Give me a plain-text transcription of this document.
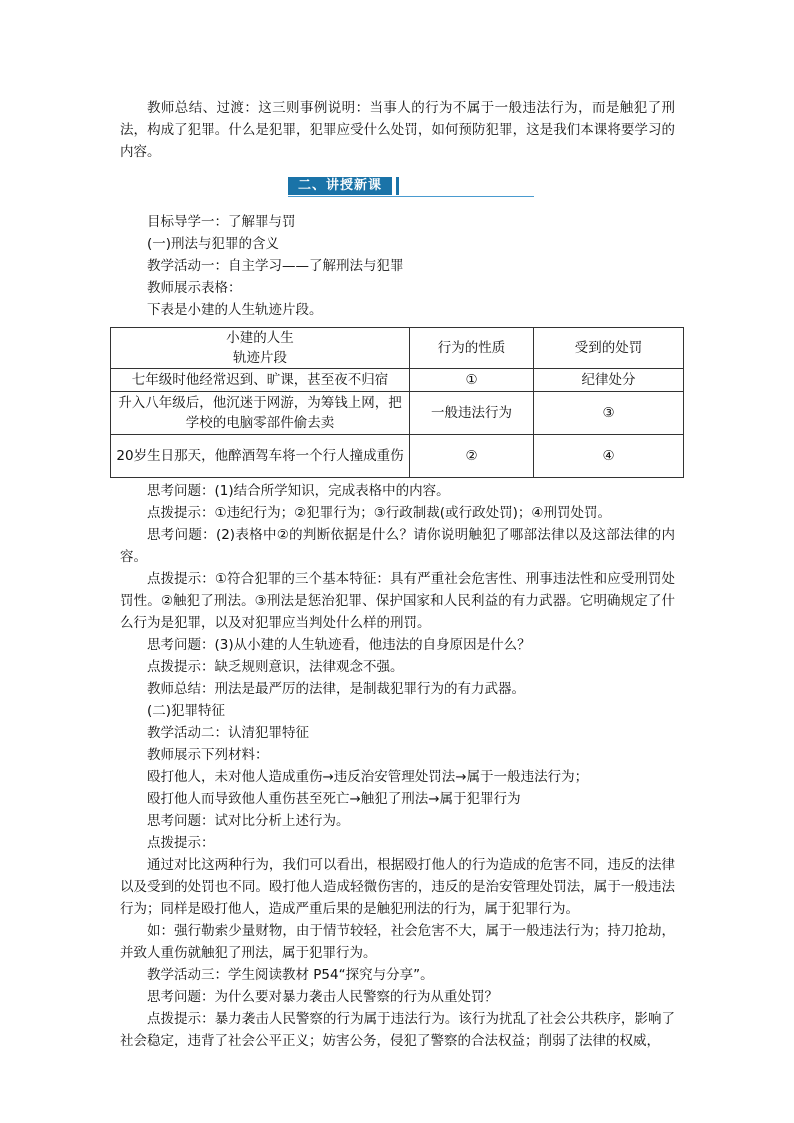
教师总结、过渡：这三则事例说明：当事人的行为不属于一般违法行为，而是触犯了刑法，构成了犯罪。什么是犯罪，犯罪应受什么处罚，如何预防犯罪，这是我们本课将要学习的内容。

二、讲授新课

目标导学一：了解罪与罚

(一)刑法与犯罪的含义

教学活动一：自主学习——了解刑法与犯罪

教师展示表格：

下表是小建的人生轨迹片段。

小建的人生
轨迹片段	行为的性质	受到的处罚
七年级时他经常迟到、旷课，甚至夜不归宿	①	纪律处分
升入八年级后，他沉迷于网游，为筹钱上网，把学校的电脑零部件偷去卖	一般违法行为	③
20岁生日那天，他醉酒驾车将一个行人撞成重伤	②	④

思考问题：(1)结合所学知识，完成表格中的内容。

点拨提示：①违纪行为；②犯罪行为；③行政制裁(或行政处罚)；④刑罚处罚。

思考问题：(2)表格中②的判断依据是什么？请你说明触犯了哪部法律以及这部法律的内容。

点拨提示：①符合犯罪的三个基本特征：具有严重社会危害性、刑事违法性和应受刑罚处罚性。②触犯了刑法。③刑法是惩治犯罪、保护国家和人民利益的有力武器。它明确规定了什么行为是犯罪，以及对犯罪应当判处什么样的刑罚。

思考问题：(3)从小建的人生轨迹看，他违法的自身原因是什么？

点拨提示：缺乏规则意识，法律观念不强。

教师总结：刑法是最严厉的法律，是制裁犯罪行为的有力武器。

(二)犯罪特征

教学活动二：认清犯罪特征

教师展示下列材料：

殴打他人，未对他人造成重伤→违反治安管理处罚法→属于一般违法行为；

殴打他人而导致他人重伤甚至死亡→触犯了刑法→属于犯罪行为

思考问题：试对比分析上述行为。

点拨提示：

通过对比这两种行为，我们可以看出，根据殴打他人的行为造成的危害不同，违反的法律以及受到的处罚也不同。殴打他人造成轻微伤害的，违反的是治安管理处罚法，属于一般违法行为；同样是殴打他人，造成严重后果的是触犯刑法的行为，属于犯罪行为。

如：强行勒索少量财物，由于情节较轻，社会危害不大，属于一般违法行为；持刀抢劫，并致人重伤就触犯了刑法，属于犯罪行为。

教学活动三：学生阅读教材 P54“探究与分享”。

思考问题：为什么要对暴力袭击人民警察的行为从重处罚？

点拨提示：暴力袭击人民警察的行为属于违法行为。该行为扰乱了社会公共秩序，影响了社会稳定，违背了社会公平正义；妨害公务，侵犯了警察的合法权益；削弱了法律的权威，
